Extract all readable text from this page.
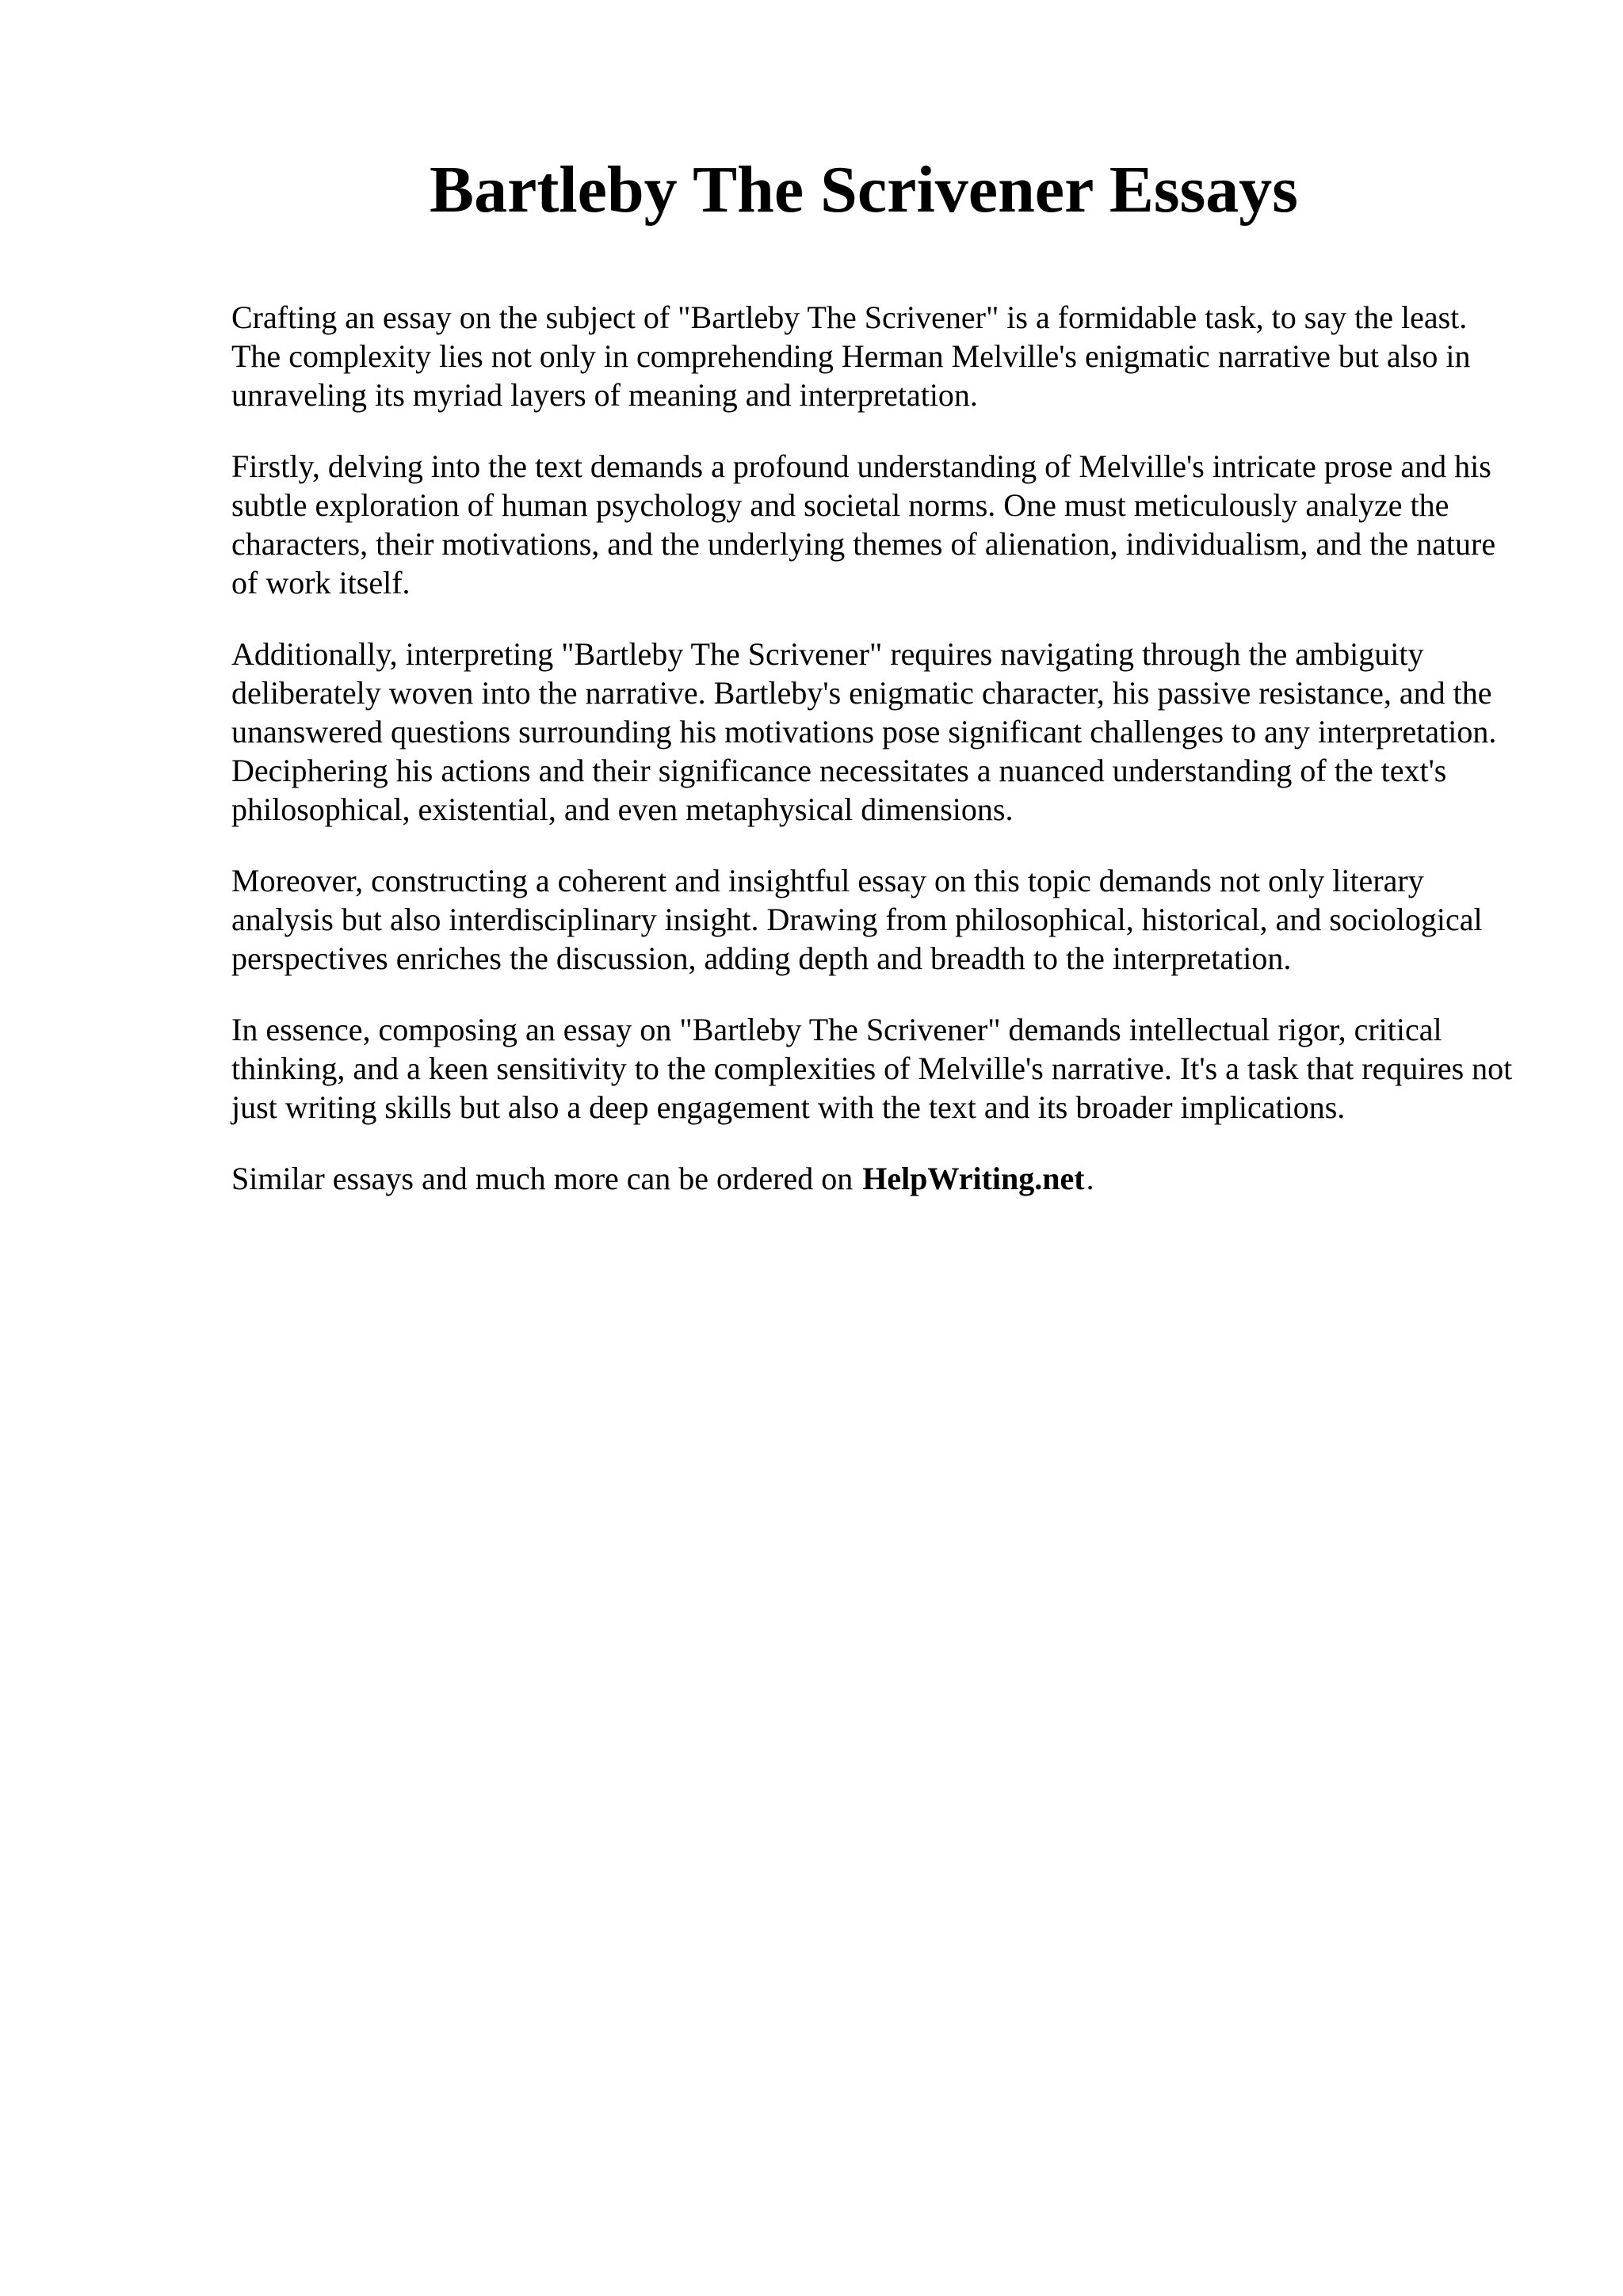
Bartleby The Scrivener Essays

Crafting an essay on the subject of "Bartleby The Scrivener" is a formidable task, to say the least. The complexity lies not only in comprehending Herman Melville's enigmatic narrative but also in unraveling its myriad layers of meaning and interpretation.

Firstly, delving into the text demands a profound understanding of Melville's intricate prose and his subtle exploration of human psychology and societal norms. One must meticulously analyze the characters, their motivations, and the underlying themes of alienation, individualism, and the nature of work itself.

Additionally, interpreting "Bartleby The Scrivener" requires navigating through the ambiguity deliberately woven into the narrative. Bartleby's enigmatic character, his passive resistance, and the unanswered questions surrounding his motivations pose significant challenges to any interpretation. Deciphering his actions and their significance necessitates a nuanced understanding of the text's philosophical, existential, and even metaphysical dimensions.

Moreover, constructing a coherent and insightful essay on this topic demands not only literary analysis but also interdisciplinary insight. Drawing from philosophical, historical, and sociological perspectives enriches the discussion, adding depth and breadth to the interpretation.

In essence, composing an essay on "Bartleby The Scrivener" demands intellectual rigor, critical thinking, and a keen sensitivity to the complexities of Melville's narrative. It's a task that requires not just writing skills but also a deep engagement with the text and its broader implications.

Similar essays and much more can be ordered on HelpWriting.net.
